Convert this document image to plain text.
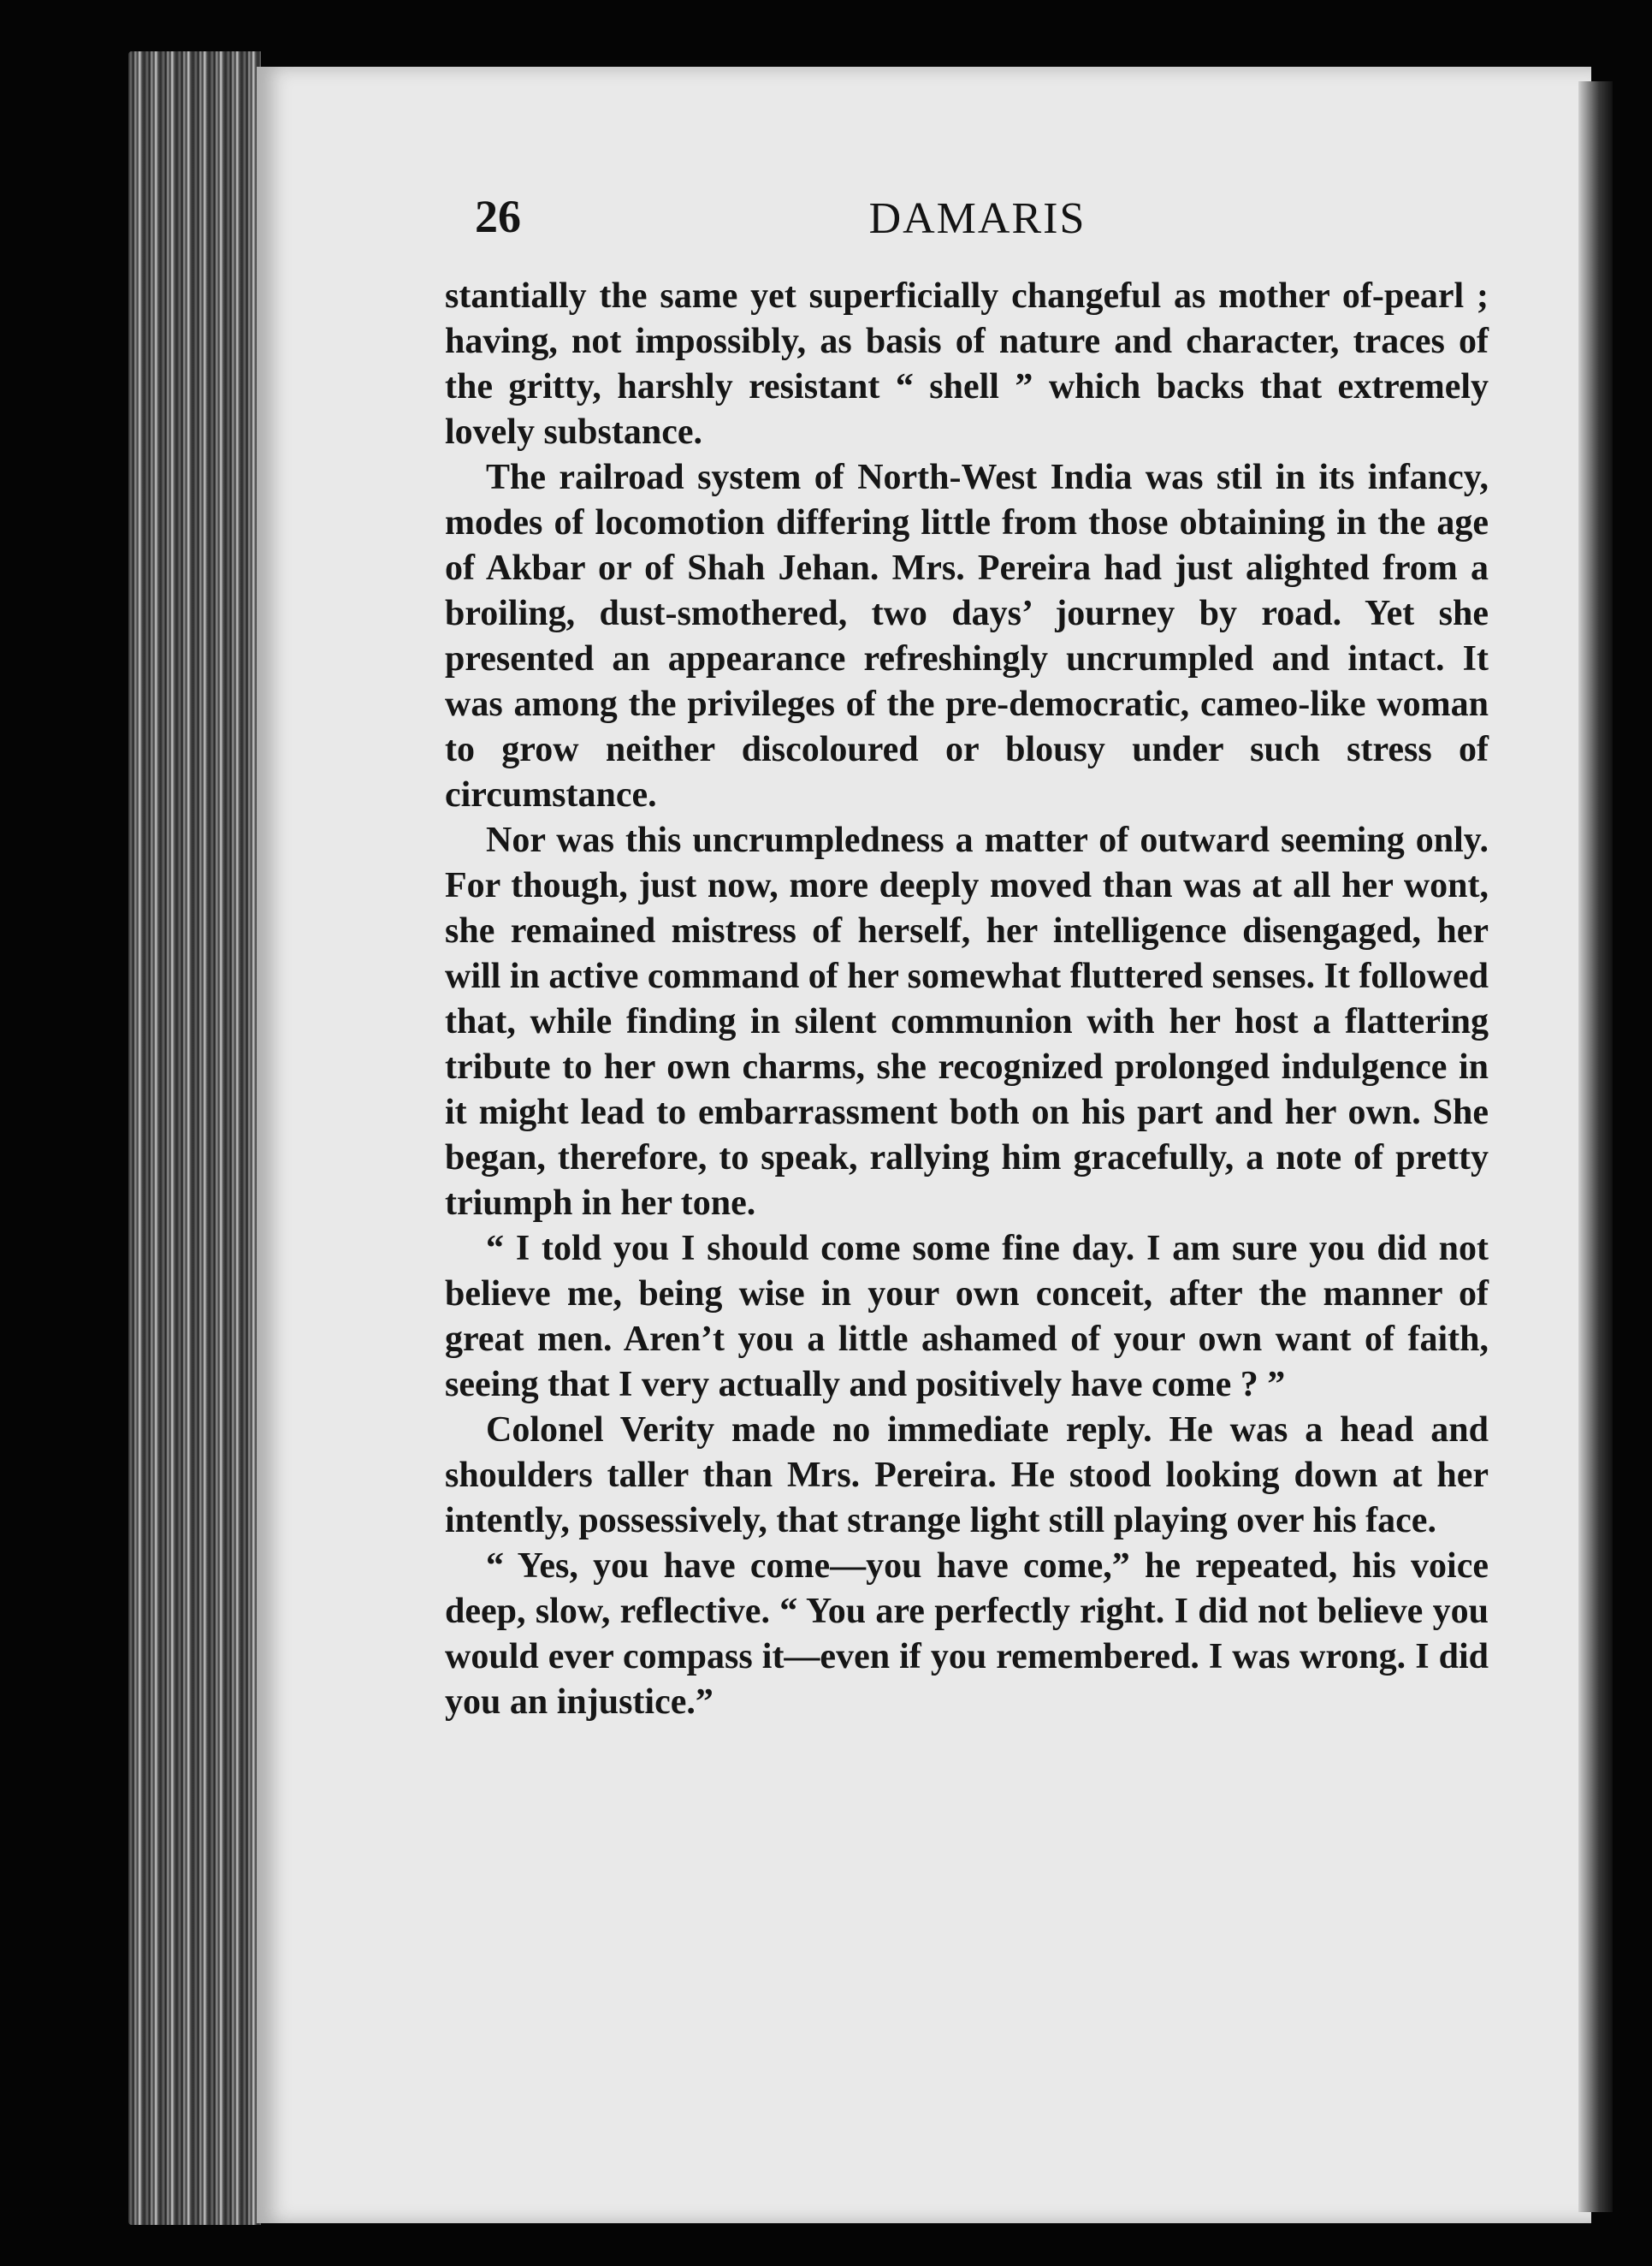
26	DAMARIS

stantially the same yet superficially changeful as mother of-pearl ; having, not impossibly, as basis of nature and character, traces of the gritty, harshly resistant “ shell ” which backs that extremely lovely substance.

The railroad system of North-West India was stil in its infancy, modes of locomotion differing little from those obtaining in the age of Akbar or of Shah Jehan. Mrs. Pereira had just alighted from a broiling, dust-smothered, two days’ journey by road. Yet she presented an appearance refreshingly uncrumpled and intact. It was among the privileges of the pre-democratic, cameo-like woman to grow neither discoloured or blousy under such stress of circumstance.

Nor was this uncrumpledness a matter of outward seeming only. For though, just now, more deeply moved than was at all her wont, she remained mistress of herself, her intelligence disengaged, her will in active command of her somewhat fluttered senses. It followed that, while finding in silent communion with her host a flattering tribute to her own charms, she recognized prolonged indulgence in it might lead to embarrassment both on his part and her own. She began, therefore, to speak, rallying him gracefully, a note of pretty triumph in her tone.

“ I told you I should come some fine day. I am sure you did not believe me, being wise in your own conceit, after the manner of great men. Aren’t you a little ashamed of your own want of faith, seeing that I very actually and positively have come ? ”

Colonel Verity made no immediate reply. He was a head and shoulders taller than Mrs. Pereira. He stood looking down at her intently, possessively, that strange light still playing over his face.

“ Yes, you have come—you have come,” he repeated, his voice deep, slow, reflective. “ You are perfectly right. I did not believe you would ever compass it—even if you remembered. I was wrong. I did you an injustice.”
